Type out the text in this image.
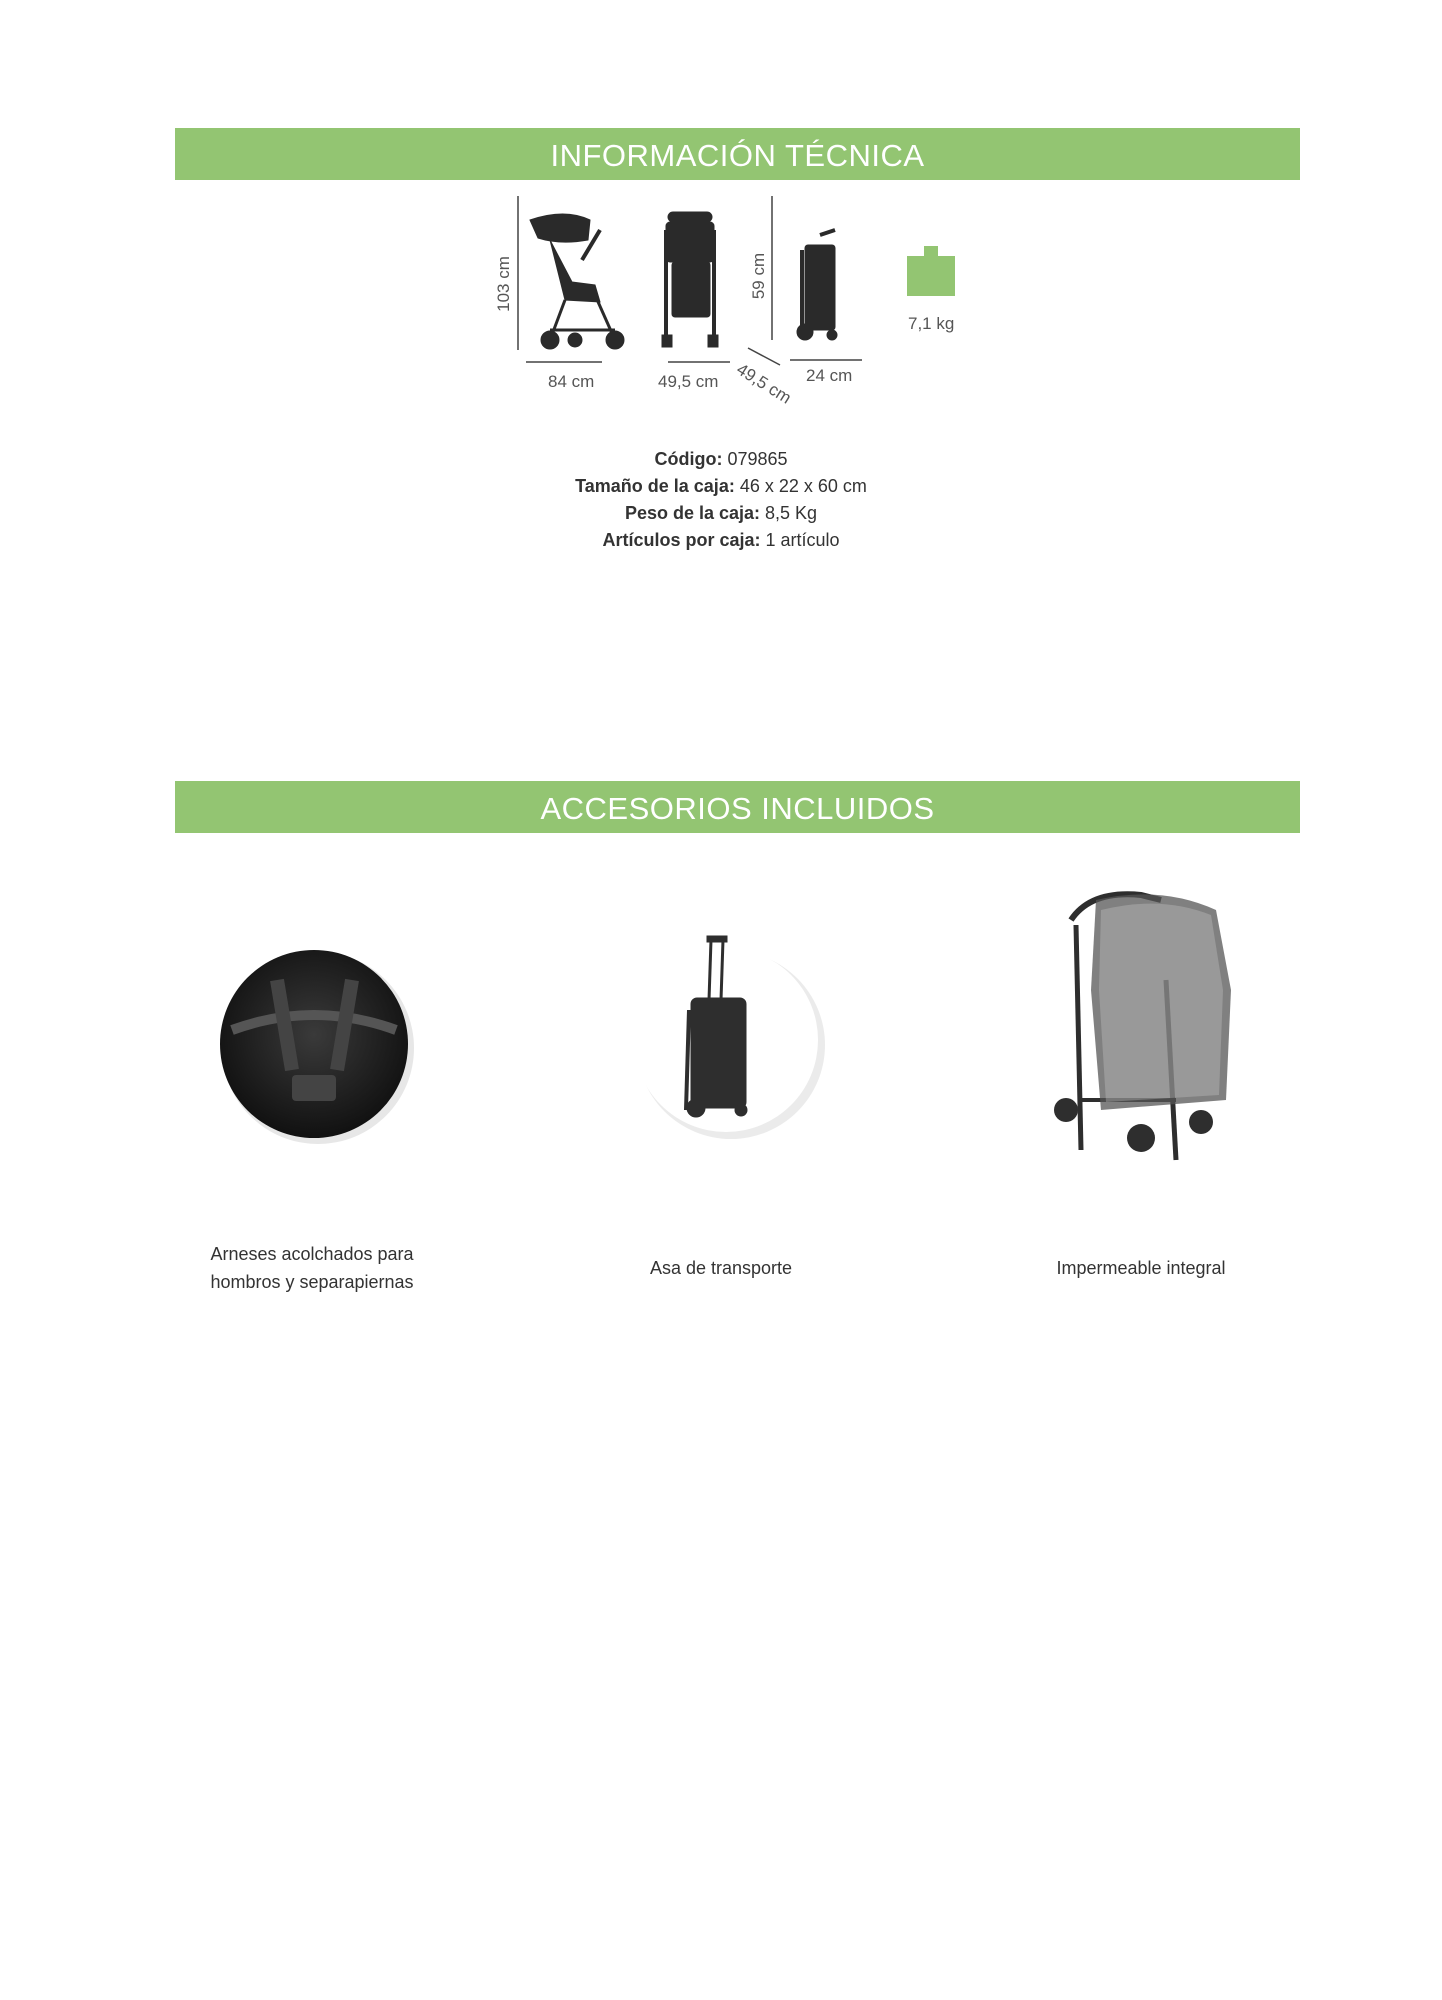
INFORMACIÓN TÉCNICA
103 cm
84 cm	49,5 cm
59 cm
49,5 cm 24 cm
7,1 kg
Código: 079865
Tamaño de la caja: 46 x 22 x 60 cm
Peso de la caja: 8,5 Kg
Artículos por caja: 1 artículo
ACCESORIOS INCLUIDOS
Arneses acolchados para
hombros y separapiernas
Asa de transporte	Impermeable integral
